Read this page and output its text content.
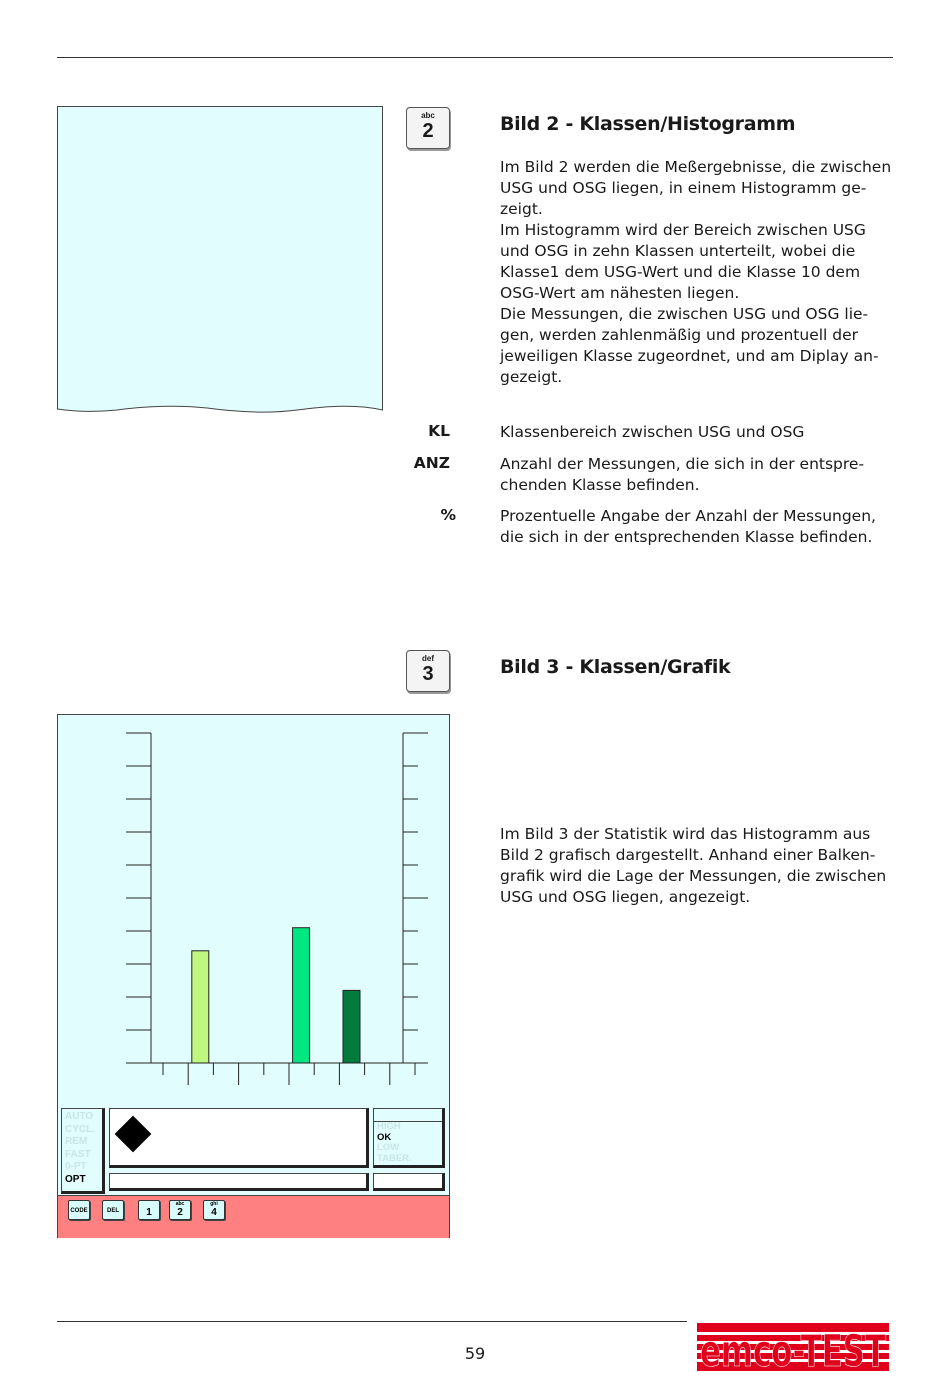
abc
2	Bild 2 - Klassen/Histogramm

Im Bild 2 werden die Meßergebnisse, die zwischen
USG und OSG liegen, in einem Histogramm ge-
zeigt.
Im Histogramm wird der Bereich zwischen USG
und OSG in zehn Klassen unterteilt, wobei die
Klasse1 dem USG-Wert und die Klasse 10 dem
OSG-Wert am nähesten liegen.
Die Messungen, die zwischen USG und OSG lie-
gen, werden zahlenmäßig und prozentuell der
jeweiligen Klasse zugeordnet, und am Diplay an-
gezeigt.

KL	Klassenbereich zwischen USG und OSG

ANZ	Anzahl der Messungen, die sich in der entspre-
chenden Klasse befinden.

%	Prozentuelle Angabe der Anzahl der Messungen,
die sich in der entsprechenden Klasse befinden.

def
3	Bild 3 - Klassen/Grafik

Im Bild 3 der Statistik wird das Histogramm aus
Bild 2 grafisch dargestellt. Anhand einer Balken-
grafik wird die Lage der Messungen, die zwischen
USG und OSG liegen, angezeigt.

AUTO
CYCL.
REM
FAST
0-PT
OPT
HIGH
OK
LOW
TABER.
CODE	DEL	1
abc
2
ghi
4
59	emco-TEST
